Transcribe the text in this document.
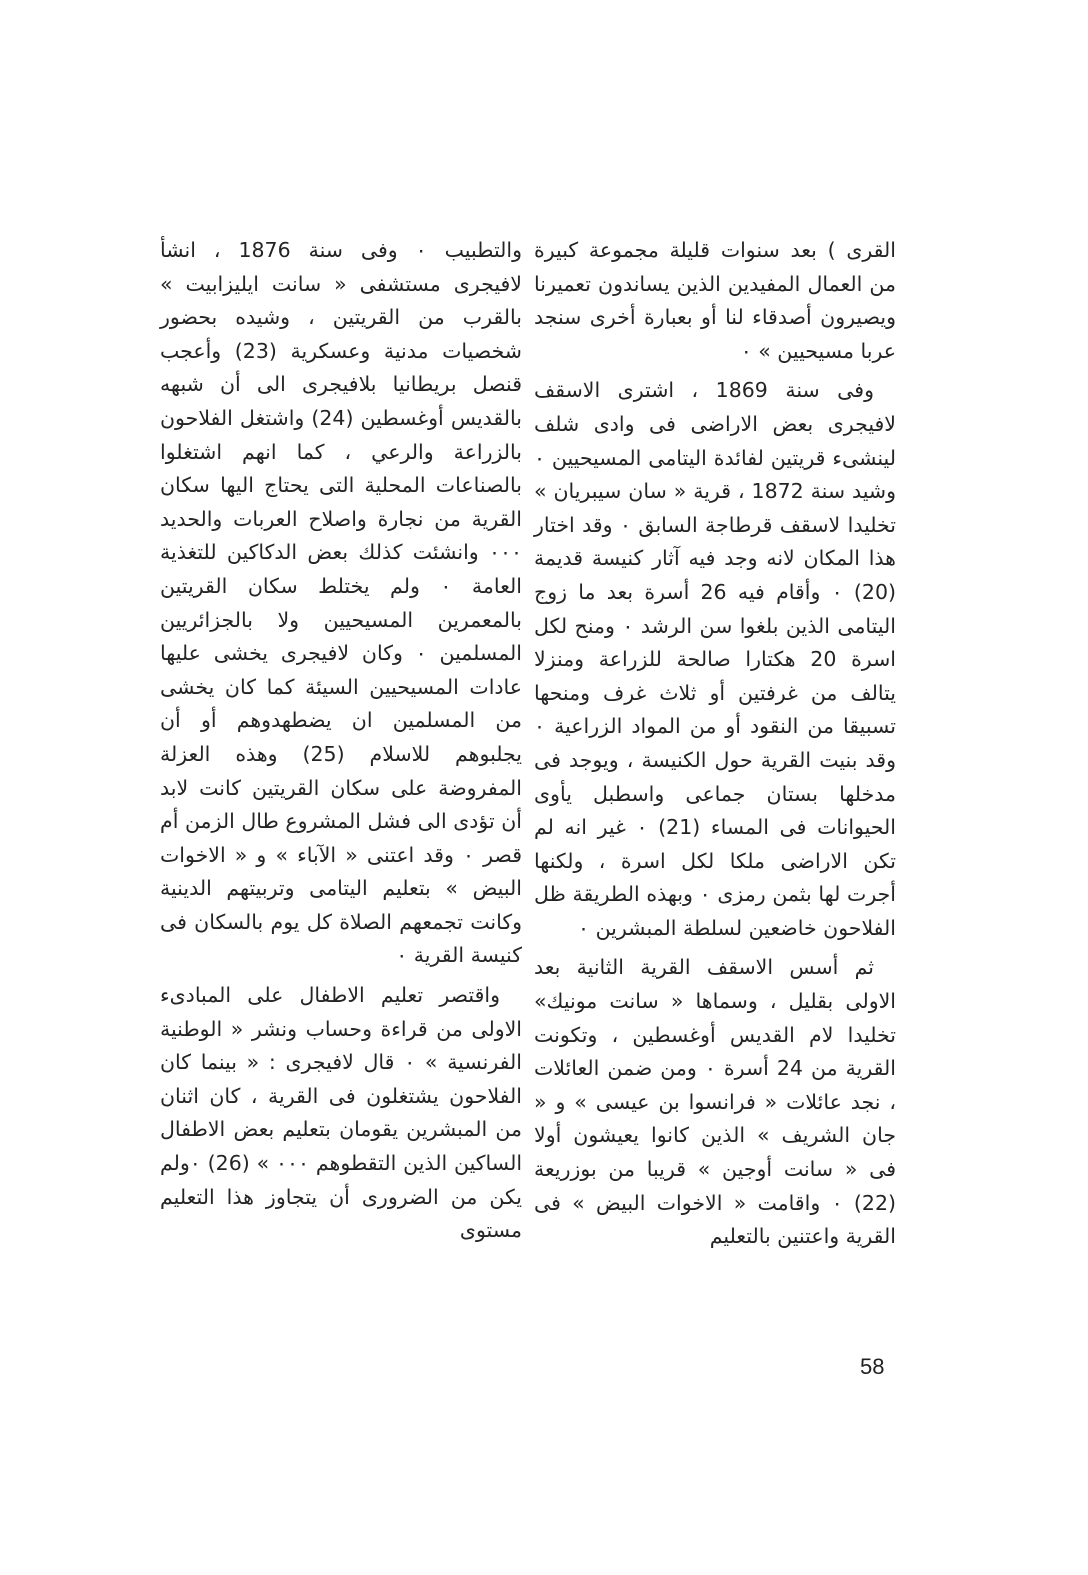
القرى ) بعد سنوات قليلة مجموعة كبيرة من العمال المفيدين الذين يساندون تعميرنا ويصيرون أصدقاء لنا أو بعبارة أخرى سنجد عربا مسيحيين » ٠

وفى سنة 1869 ، اشترى الاسقف لافيجرى بعض الاراضى فى وادى شلف لينشىء قريتين لفائدة اليتامى المسيحيين ٠ وشيد سنة 1872 ، قرية « سان سيبريان » تخليدا لاسقف قرطاجة السابق ٠ وقد اختار هذا المكان لانه وجد فيه آثار كنيسة قديمة (20) ٠ وأقام فيه 26 أسرة بعد ما زوج اليتامى الذين بلغوا سن الرشد ٠ ومنح لكل اسرة 20 هكتارا صالحة للزراعة ومنزلا يتالف من غرفتين أو ثلاث غرف ومنحها تسبيقا من النقود أو من المواد الزراعية ٠ وقد بنيت القرية حول الكنيسة ، ويوجد فى مدخلها بستان جماعى واسطبل يأوى الحيوانات فى المساء (21) ٠ غير انه لم تكن الاراضى ملكا لكل اسرة ، ولكنها أجرت لها بثمن رمزى ٠ وبهذه الطريقة ظل الفلاحون خاضعين لسلطة المبشرين ٠

ثم أسس الاسقف القرية الثانية بعد الاولى بقليل ، وسماها « سانت مونيك» تخليدا لام القديس أوغسطين ، وتكونت القرية من 24 أسرة ٠ ومن ضمن العائلات ، نجد عائلات « فرانسوا بن عيسى » و « جان الشريف » الذين كانوا يعيشون أولا فى « سانت أوجين » قريبا من بوزريعة (22) ٠ واقامت « الاخوات البيض » فى القرية واعتنين بالتعليم

والتطبيب ٠ وفى سنة 1876 ، انشأ لافيجرى مستشفى « سانت ايليزابيت » بالقرب من القريتين ، وشيده بحضور شخصيات مدنية وعسكرية (23) وأعجب قنصل بريطانيا بلافيجرى الى أن شبهه بالقديس أوغسطين (24) واشتغل الفلاحون بالزراعة والرعي ، كما انهم اشتغلوا بالصناعات المحلية التى يحتاج اليها سكان القرية من نجارة واصلاح العربات والحديد ٠٠٠ وانشئت كذلك بعض الدكاكين للتغذية العامة ٠ ولم يختلط سكان القريتين بالمعمرين المسيحيين ولا بالجزائريين المسلمين ٠ وكان لافيجرى يخشى عليها عادات المسيحيين السيئة كما كان يخشى من المسلمين ان يضطهدوهم أو أن يجلبوهم للاسلام (25) وهذه العزلة المفروضة على سكان القريتين كانت لابد أن تؤدى الى فشل المشروع طال الزمن أم قصر ٠ وقد اعتنى « الآباء » و « الاخوات البيض » بتعليم اليتامى وتربيتهم الدينية وكانت تجمعهم الصلاة كل يوم بالسكان فى كنيسة القرية ٠

واقتصر تعليم الاطفال على المبادىء الاولى من قراءة وحساب ونشر « الوطنية الفرنسية » ٠ قال لافيجرى : « بينما كان الفلاحون يشتغلون فى القرية ، كان اثنان من المبشرين يقومان بتعليم بعض الاطفال الساكين الذين التقطوهم ٠٠٠ » (26) ٠ولم يكن من الضرورى أن يتجاوز هذا التعليم مستوى

58
